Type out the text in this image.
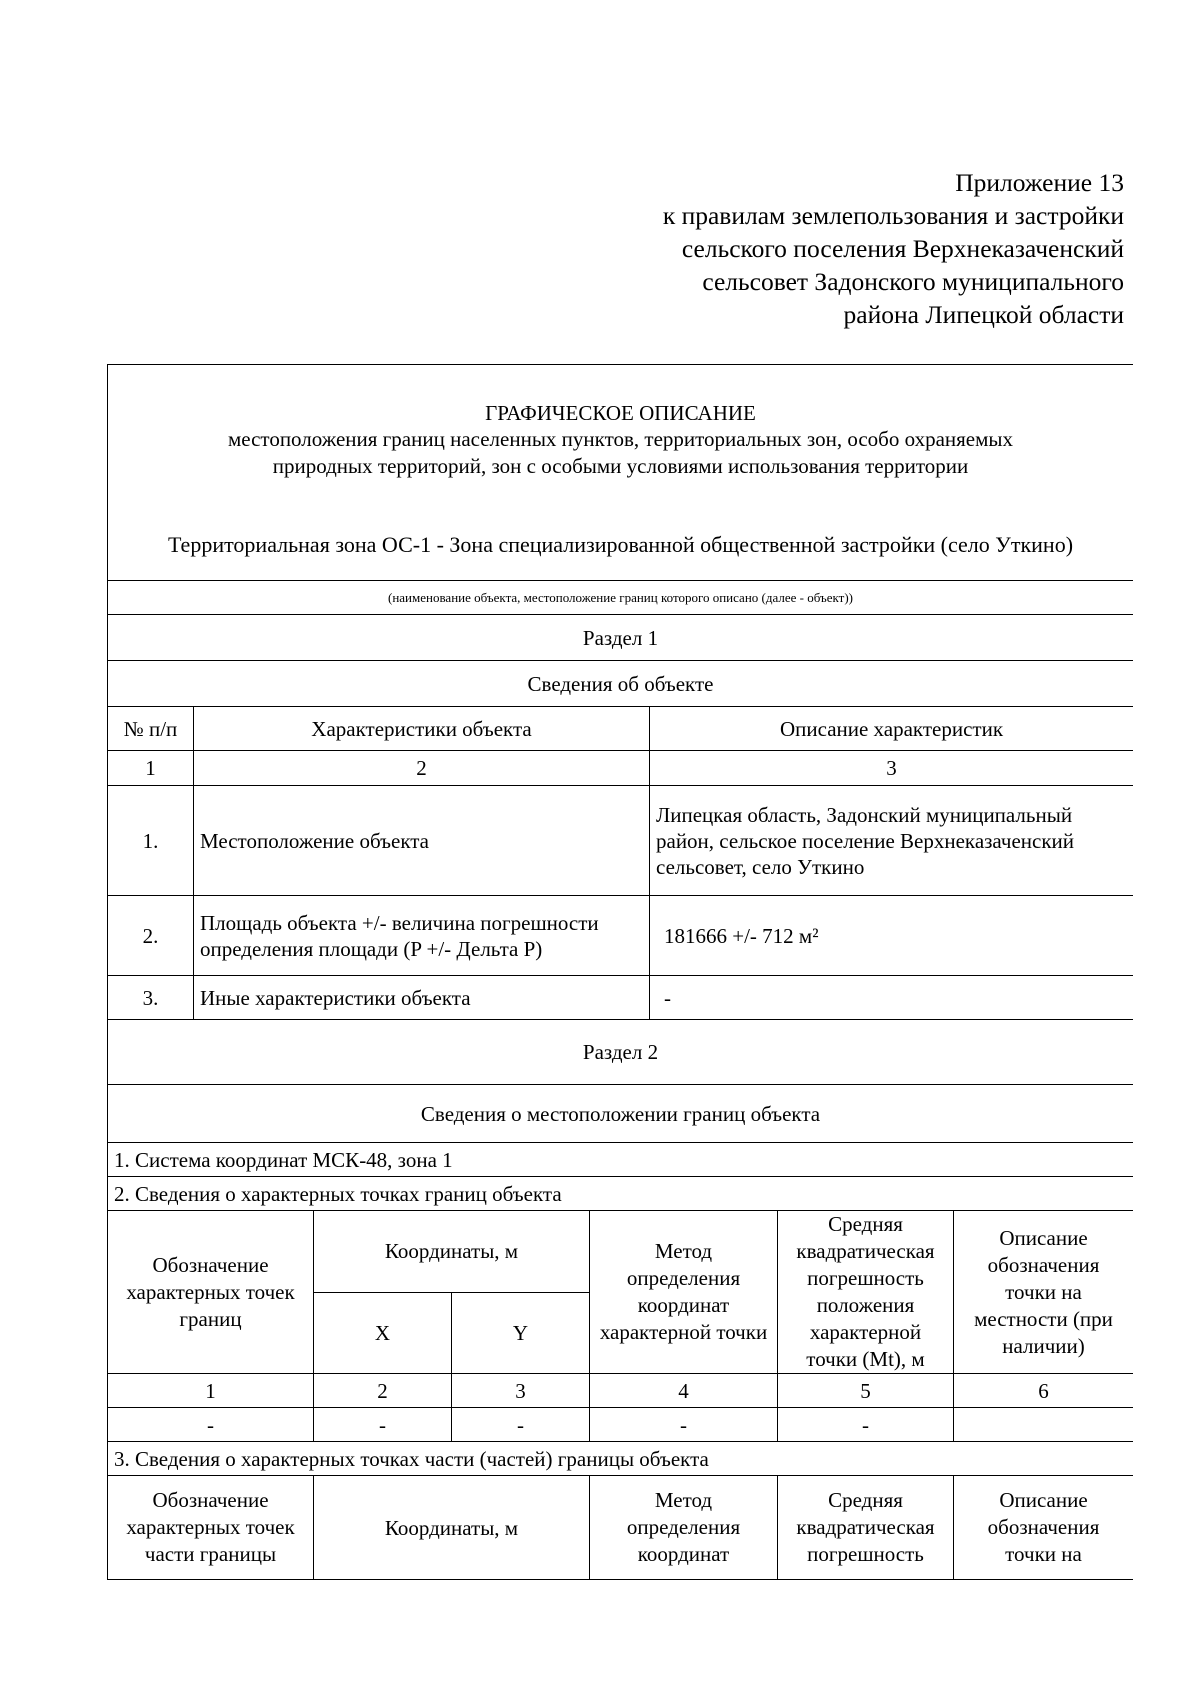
Приложение 13
к правилам землепользования и застройки
сельского поселения Верхнеказаченский
сельсовет Задонского муниципального
района Липецкой области
ГРАФИЧЕСКОЕ ОПИСАНИЕ
местоположения границ населенных пунктов, территориальных зон, особо охраняемых
природных территорий, зон с особыми условиями использования территории
Территориальная зона ОС-1 - Зона специализированной общественной застройки (село Уткино)							

(наименование объекта, местоположение границ которого описано (далее - объект))							
Раздел 1							
Сведения об объекте							
№ п/п	Характеристики объекта				Описание характеристик		
1	2				3		
1.	Местоположение объекта				Липецкая область, Задонский муниципальный район, сельское поселение Верхнеказаченский сельсовет, село Уткино		
2.	Площадь объекта +/- величина погрешности определения площади (P +/- Дельта P)				181666 +/- 712 м²		
3.	Иные характеристики объекта				-		
Раздел 2							
Сведения о местоположении границ объекта							
1. Система координат МСК-48, зона 1							
2. Сведения о характерных точках границ объекта							
Обозначение характерных точек границ		Координаты, м		Метод определения координат характерной точки		Средняя квадратическая погрешность положения характерной точки (Mt), м	Описание обозначения точки на местности (при наличии)
		X	Y				
1		2	3	4		5	6
-		-	-	-		-	
3. Сведения о характерных точках части (частей) границы объекта							
Обозначение характерных точек части границы		Координаты, м		Метод определения координат		Средняя квадратическая погрешность	Описание обозначения точки на
